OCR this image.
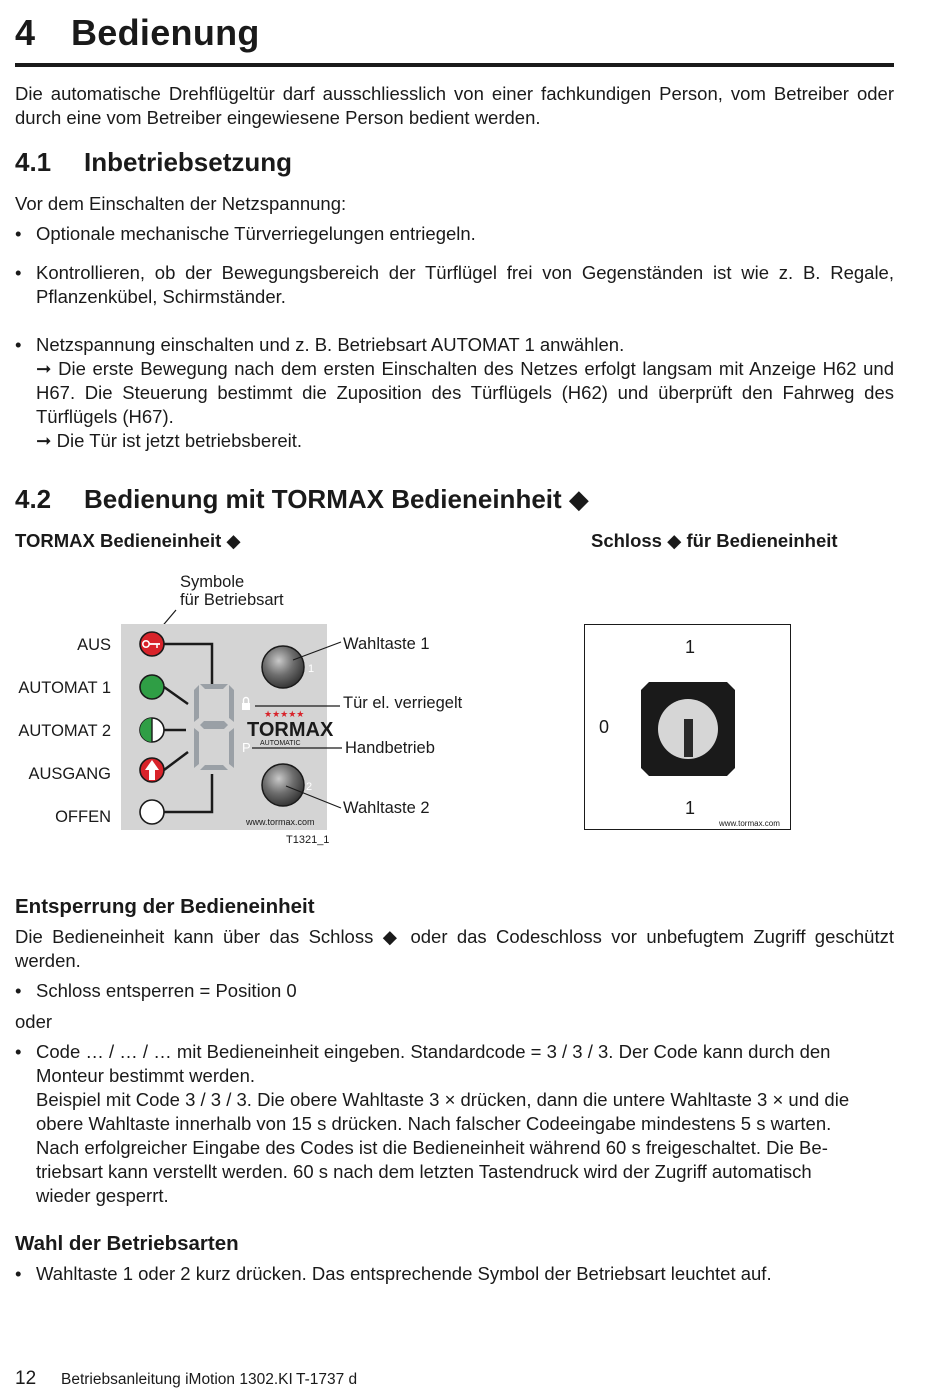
4 Bedienung
Die automatische Drehflügeltür darf ausschliesslich von einer fachkundigen Person, vom Betreiber oder durch eine vom Betreiber eingewiesene Person bedient werden.
4.1 Inbetriebsetzung
Vor dem Einschalten der Netzspannung:
• Optionale mechanische Türverriegelungen entriegeln.
• Kontrollieren, ob der Bewegungsbereich der Türflügel frei von Gegenständen ist wie z. B. Regale, Pflanzenkübel, Schirmständer.
• Netzspannung einschalten und z. B. Betriebsart AUTOMAT 1 anwählen.
➞ Die erste Bewegung nach dem ersten Einschalten des Netzes erfolgt langsam mit Anzeige H62 und H67. Die Steuerung bestimmt die Zuposition des Türflügels (H62) und überprüft den Fahrweg des Türflügels (H67).
➞ Die Tür ist jetzt betriebsbereit.
4.2 Bedienung mit TORMAX Bedieneinheit ◆
TORMAX Bedieneinheit ◆	Schloss ◆ für Bedieneinheit
Symbole
für Betriebsart
AUS
AUTOMAT 1
AUTOMAT 2
AUSGANG
OFFEN
P
★★★★★
TORMAX
AUTOMATIC
1
2
www.tormax.com
Wahltaste 1
Tür el. verriegelt
Handbetrieb
Wahltaste 2
T1321_1
1
0
1
www.tormax.com
Entsperrung der Bedieneinheit
Die Bedieneinheit kann über das Schloss ◆ oder das Codeschloss vor unbefugtem Zugriff geschützt werden.
• Schloss entsperren = Position 0
oder
• Code … / … / … mit Bedieneinheit eingeben. Standardcode = 3 / 3 / 3. Der Code kann durch den
Monteur bestimmt werden.
Beispiel mit Code 3 / 3 / 3. Die obere Wahltaste 3 × drücken, dann die untere Wahltaste 3 × und die
obere Wahltaste innerhalb von 15 s drücken. Nach falscher Codeeingabe mindestens 5 s warten.
Nach erfolgreicher Eingabe des Codes ist die Bedieneinheit während 60 s freigeschaltet. Die Be-
triebsart kann verstellt werden. 60 s nach dem letzten Tastendruck wird der Zugriff automatisch
wieder gesperrt.
Wahl der Betriebsarten
• Wahltaste 1 oder 2 kurz drücken. Das entsprechende Symbol der Betriebsart leuchtet auf.
12 Betriebsanleitung iMotion 1302.KI T-1737 d
